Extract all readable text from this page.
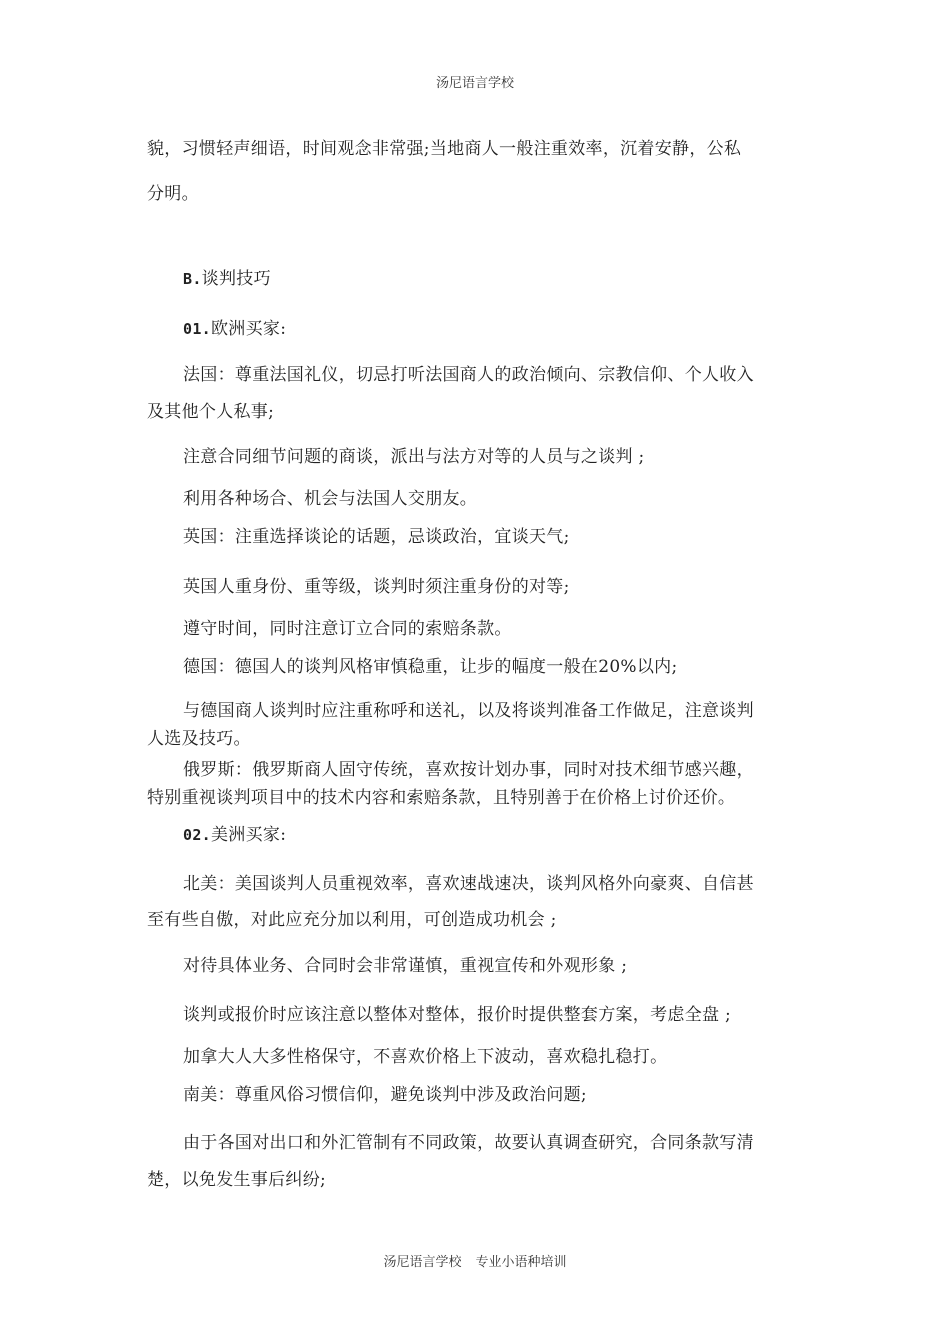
汤尼语言学校
貌，习惯轻声细语，时间观念非常强;当地商人一般注重效率，沉着安静，公私
分明。
B.谈判技巧
01.欧洲买家:
法国：尊重法国礼仪，切忌打听法国商人的政治倾向、宗教信仰、个人收入
及其他个人私事;
注意合同细节问题的商谈，派出与法方对等的人员与之谈判 ;
利用各种场合、机会与法国人交朋友。
英国：注重选择谈论的话题，忌谈政治，宜谈天气;
英国人重身份、重等级，谈判时须注重身份的对等;
遵守时间，同时注意订立合同的索赔条款。
德国：德国人的谈判风格审慎稳重，让步的幅度一般在20%以内;
与德国商人谈判时应注重称呼和送礼，以及将谈判准备工作做足，注意谈判
人选及技巧。
俄罗斯：俄罗斯商人固守传统，喜欢按计划办事，同时对技术细节感兴趣，
特别重视谈判项目中的技术内容和索赔条款，且特别善于在价格上讨价还价。
02.美洲买家:
北美：美国谈判人员重视效率，喜欢速战速决，谈判风格外向豪爽、自信甚
至有些自傲，对此应充分加以利用，可创造成功机会 ;
对待具体业务、合同时会非常谨慎，重视宣传和外观形象 ;
谈判或报价时应该注意以整体对整体，报价时提供整套方案，考虑全盘 ;
加拿大人大多性格保守，不喜欢价格上下波动，喜欢稳扎稳打。
南美：尊重风俗习惯信仰，避免谈判中涉及政治问题;
由于各国对出口和外汇管制有不同政策，故要认真调查研究，合同条款写清
楚，以免发生事后纠纷;
汤尼语言学校 专业小语种培训
